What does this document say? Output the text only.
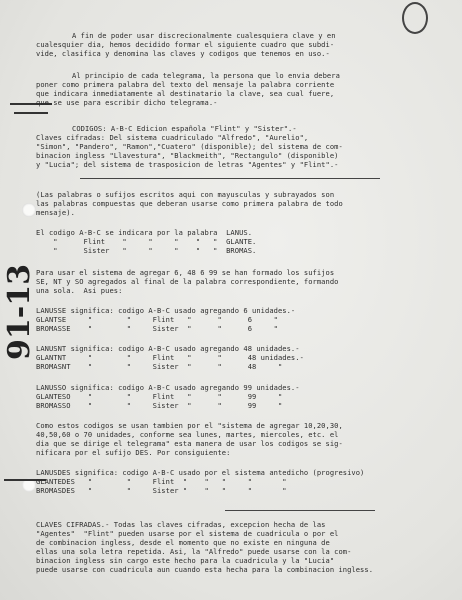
91-13
A fin de poder usar discrecionalmente cualesquiera clave y en
cualesquier dia, hemos decidido formar el siguiente cuadro que subdi-
vide, clasifica y denomina las claves y codigos que tenemos en uso.-
Al principio de cada telegrama, la persona que lo envia debera
poner como primera palabra del texto del mensaje la palabra corriente
que indicara inmediatamente al destinatario la clave, sea cual fuere,
que se use para escribir dicho telegrama.-
CODIGOS: A-B-C Edicion española "Flint" y "Sister".-
Claves cifradas: Del sistema cuadriculado "Alfredo", "Aurelio",
"Simon", "Pandero", "Ramon","Cuatero" (disponible); del sistema de com-
binacion ingless "Llavestura", "Blackmeith", "Rectangulo" (disponible)
y "Lucia"; del sistema de trasposicion de letras "Agentes" y "Flint".-
(Las palabras o sufijos escritos aqui con mayusculas y subrayados son
las palabras compuestas que deberan usarse como primera palabra de todo
mensaje).
El codigo A-B-C se indicara por la palabra  LANUS.
"      Flint    "     "     "    "   "  GLANTE.
"      Sister   "     "     "    "   "  BROMAS.
Para usar el sistema de agregar 6, 48 6 99 se han formado los sufijos
SE, NT y SO agregados al final de la palabra correspondiente, formando
una sola.  Asi pues:
LANUSSE significa: codigo A-B-C usado agregando 6 unidades.-
GLANTSE     "        "     Flint   "      "      6     "
BROMASSE    "        "     Sister  "      "      6     "
LANUSNT significa: codigo A-B-C usado agregando 48 unidades.-
GLANTNT     "        "     Flint   "      "      48 unidades.-
BROMASNT    "        "     Sister  "      "      48     "
LANUSSO significa: codigo A-B-C usado agregando 99 unidades.-
GLANTESO    "        "     Flint   "      "      99     "
BROMASSO    "        "     Sister  "      "      99     "
Como estos codigos se usan tambien por el "sistema de agregar 10,20,30,
40,50,60 o 70 unidades, conforme sea lunes, martes, miercoles, etc. el
dia que se dirige el telegrama" esta manera de usar los codigos se sig-
nificara por el sufijo DES. Por consiguiente:
LANUSDES significa: codigo A-B-C usado por el sistema antedicho (progresivo)
GLANTEDES   "        "     Flint  "    "   "     "       "
BROMASDES   "        "     Sister "    "   "     "       "
CLAVES CIFRADAS.- Todas las claves cifradas, excepcion hecha de las
"Agentes"  "Flint" pueden usarse por el sistema de cuadricula o por el
de combinacion ingless, desde el momento que no existe en ninguna de
ellas una sola letra repetida. Asi, la "Alfredo" puede usarse con la com-
binacion ingless sin cargo este hecho para la cuadricula y la "Lucia"
puede usarse con cuadricula aun cuando esta hecha para la combinacion ingless.
